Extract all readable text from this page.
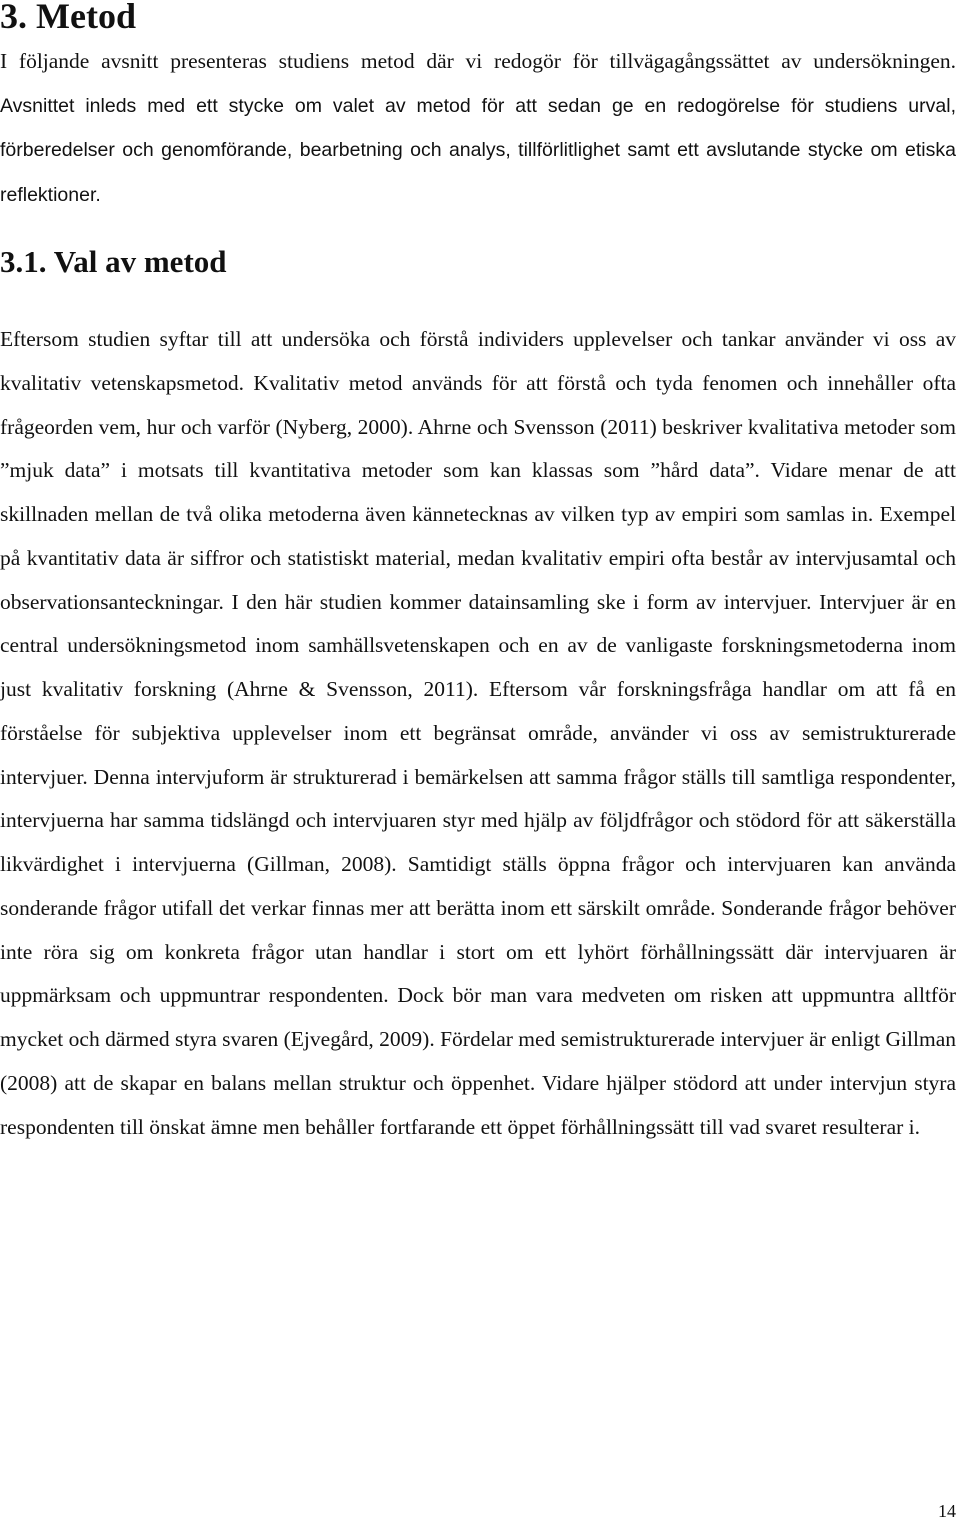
3. Metod

I följande avsnitt presenteras studiens metod där vi redogör för tillvägagångssättet av undersökningen. Avsnittet inleds med ett stycke om valet av metod för att sedan ge en redogörelse för studiens urval, förberedelser och genomförande, bearbetning och analys, tillförlitlighet samt ett avslutande stycke om etiska reflektioner.

3.1. Val av metod

Eftersom studien syftar till att undersöka och förstå individers upplevelser och tankar använder vi oss av kvalitativ vetenskapsmetod. Kvalitativ metod används för att förstå och tyda fenomen och innehåller ofta frågeorden vem, hur och varför (Nyberg, 2000). Ahrne och Svensson (2011) beskriver kvalitativa metoder som ”mjuk data” i motsats till kvantitativa metoder som kan klassas som ”hård data”. Vidare menar de att skillnaden mellan de två olika metoderna även kännetecknas av vilken typ av empiri som samlas in. Exempel på kvantitativ data är siffror och statistiskt material, medan kvalitativ empiri ofta består av intervjusamtal och observationsanteckningar. I den här studien kommer datainsamling ske i form av intervjuer. Intervjuer är en central undersökningsmetod inom samhällsvetenskapen och en av de vanligaste forskningsmetoderna inom just kvalitativ forskning (Ahrne & Svensson, 2011). Eftersom vår forskningsfråga handlar om att få en förståelse för subjektiva upplevelser inom ett begränsat område, använder vi oss av semistrukturerade intervjuer. Denna intervjuform är strukturerad i bemärkelsen att samma frågor ställs till samtliga respondenter, intervjuerna har samma tidslängd och intervjuaren styr med hjälp av följdfrågor och stödord för att säkerställa likvärdighet i intervjuerna (Gillman, 2008). Samtidigt ställs öppna frågor och intervjuaren kan använda sonderande frågor utifall det verkar finnas mer att berätta inom ett särskilt område. Sonderande frågor behöver inte röra sig om konkreta frågor utan handlar i stort om ett lyhört förhållningssätt där intervjuaren är uppmärksam och uppmuntrar respondenten. Dock bör man vara medveten om risken att uppmuntra alltför mycket och därmed styra svaren (Ejvegård, 2009). Fördelar med semistrukturerade intervjuer är enligt Gillman (2008) att de skapar en balans mellan struktur och öppenhet. Vidare hjälper stödord att under intervjun styra respondenten till önskat ämne men behåller fortfarande ett öppet förhållningssätt till vad svaret resulterar i.

14
